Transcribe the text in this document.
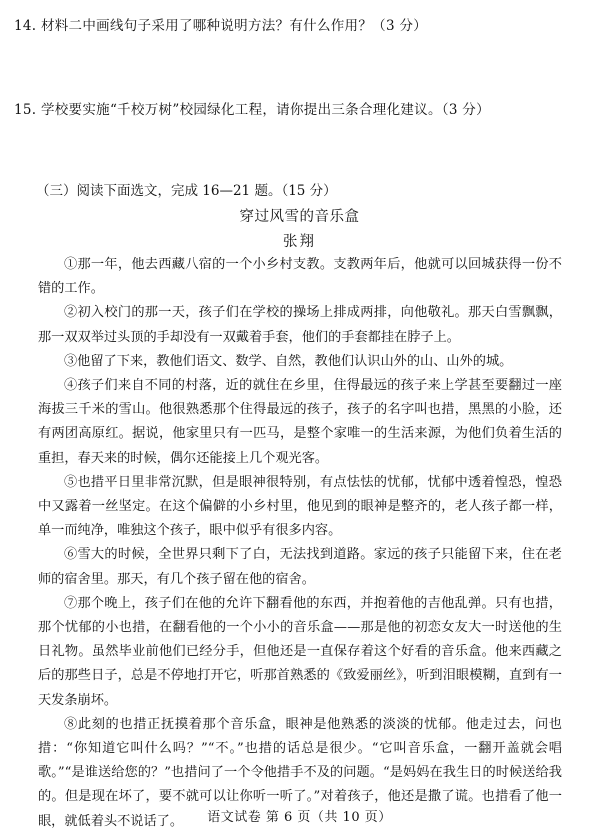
14. 材料二中画线句子采用了哪种说明方法？有什么作用？（3 分）
15. 学校要实施“千校万树”校园绿化工程，请你提出三条合理化建议。（3 分）
（三）阅读下面选文，完成 16—21 题。（15 分）
穿过风雪的音乐盒
张翔

①那一年，他去西藏八宿的一个小乡村支教。支教两年后，他就可以回城获得一份不错的工作。

②初入校门的那一天，孩子们在学校的操场上排成两排，向他敬礼。那天白雪飘飘，那一双双举过头顶的手却没有一双戴着手套，他们的手套都挂在脖子上。

③他留了下来，教他们语文、数学、自然，教他们认识山外的山、山外的城。

④孩子们来自不同的村落，近的就住在乡里，住得最远的孩子来上学甚至要翻过一座海拔三千米的雪山。他很熟悉那个住得最远的孩子，孩子的名字叫也措，黑黑的小脸，还有两团高原红。据说，他家里只有一匹马，是整个家唯一的生活来源，为他们负着生活的重担，春天来的时候，偶尔还能接上几个观光客。

⑤也措平日里非常沉默，但是眼神很特别，有点怯怯的忧郁，忧郁中透着惶恐，惶恐中又露着一丝坚定。在这个偏僻的小乡村里，他见到的眼神是整齐的，老人孩子都一样，单一而纯净，唯独这个孩子，眼中似乎有很多内容。

⑥雪大的时候，全世界只剩下了白，无法找到道路。家远的孩子只能留下来，住在老师的宿舍里。那天，有几个孩子留在他的宿舍。

⑦那个晚上，孩子们在他的允许下翻看他的东西，并抱着他的吉他乱弹。只有也措，那个忧郁的小也措，在翻看他的一个小小的音乐盒——那是他的初恋女友大一时送他的生日礼物。虽然毕业前他们已经分手，但他还是一直保存着这个好看的音乐盒。他来西藏之后的那些日子，总是不停地打开它，听那首熟悉的《致爱丽丝》，听到泪眼模糊，直到有一天发条崩坏。

⑧此刻的也措正抚摸着那个音乐盒，眼神是他熟悉的淡淡的忧郁。他走过去，问也措：“你知道它叫什么吗？”“不。”也措的话总是很少。“它叫音乐盒，一翻开盖就会唱歌。”“是谁送给您的？”也措问了一个令他措手不及的问题。“是妈妈在我生日的时候送给我的。但是现在坏了，要不就可以让你听一听了。”对着孩子，他还是撒了谎。也措看了他一眼，就低着头不说话了。	语文试卷 第 6 页（共 10 页）
